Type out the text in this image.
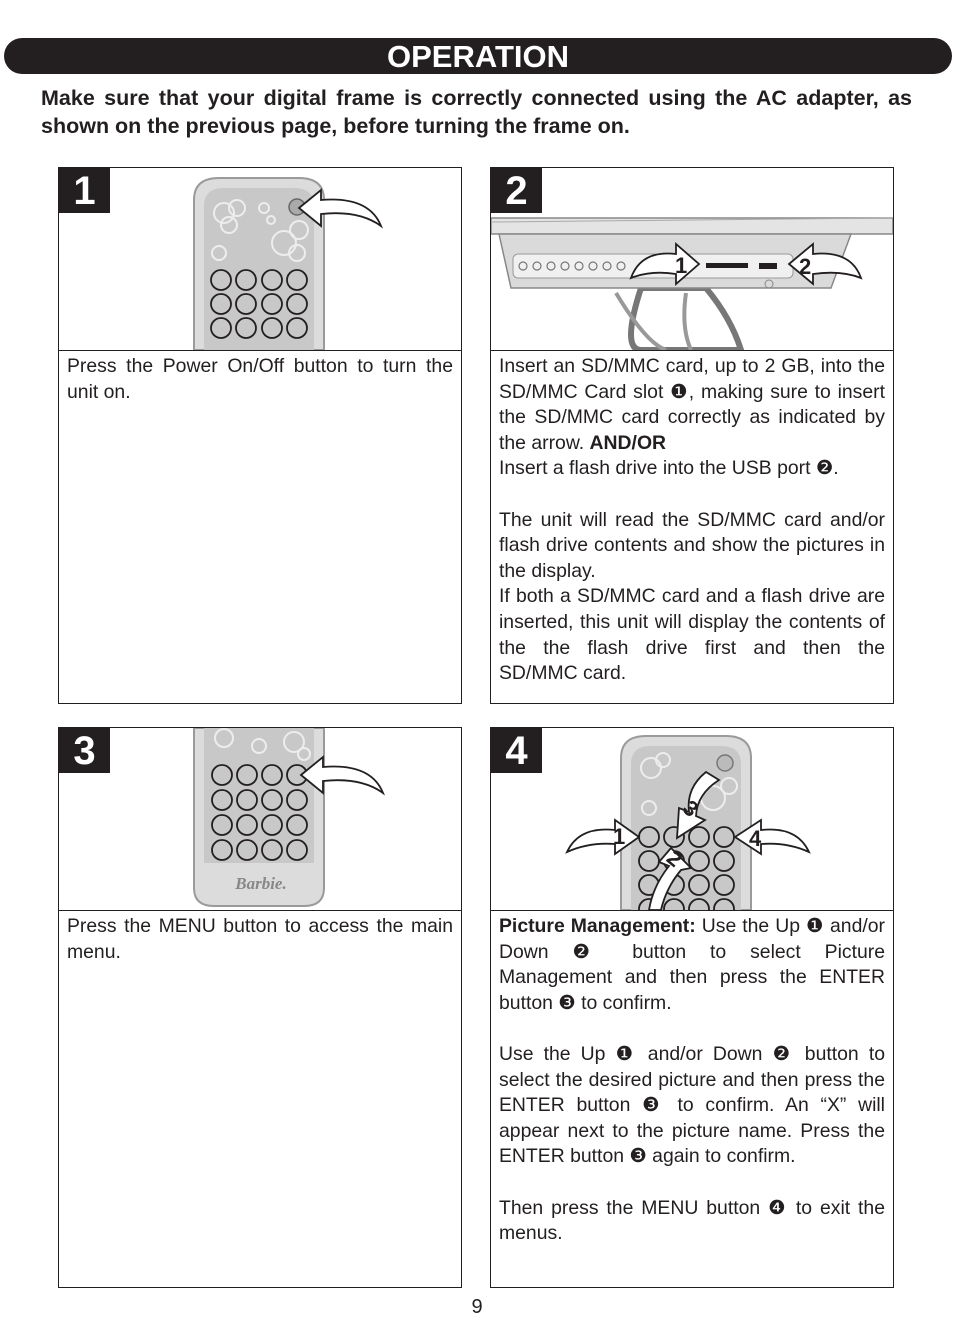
OPERATION
Make sure that your digital frame is correctly connected using the AC adapter, as shown on the previous page, before turning the frame on.
1
Press the Power On/Off button to turn the unit on.
2
1	2

Insert an SD/MMC card, up to 2 GB, into the SD/MMC Card slot ❶, making sure to insert the SD/MMC card correctly as indicated by the arrow. AND/OR

Insert a flash drive into the USB port ❷.

The unit will read the SD/MMC card and/or flash drive contents and show the pictures in the display.

If both a SD/MMC card and a flash drive are inserted, this unit will display the contents of the the flash drive first and then the SD/MMC card.

3
Barbie.
Press the MENU button to access the main menu.
4
1	4
3
2

Picture Management: Use the Up ❶ and/or Down ❷ button to select Picture Management and then press the ENTER button ❸ to confirm.

Use the Up ❶ and/or Down ❷ button to select the desired picture and then press the ENTER button ❸ to confirm. An “X” will appear next to the picture name. Press the ENTER button ❸ again to confirm.

Then press the MENU button ❹ to exit the menus.

9
